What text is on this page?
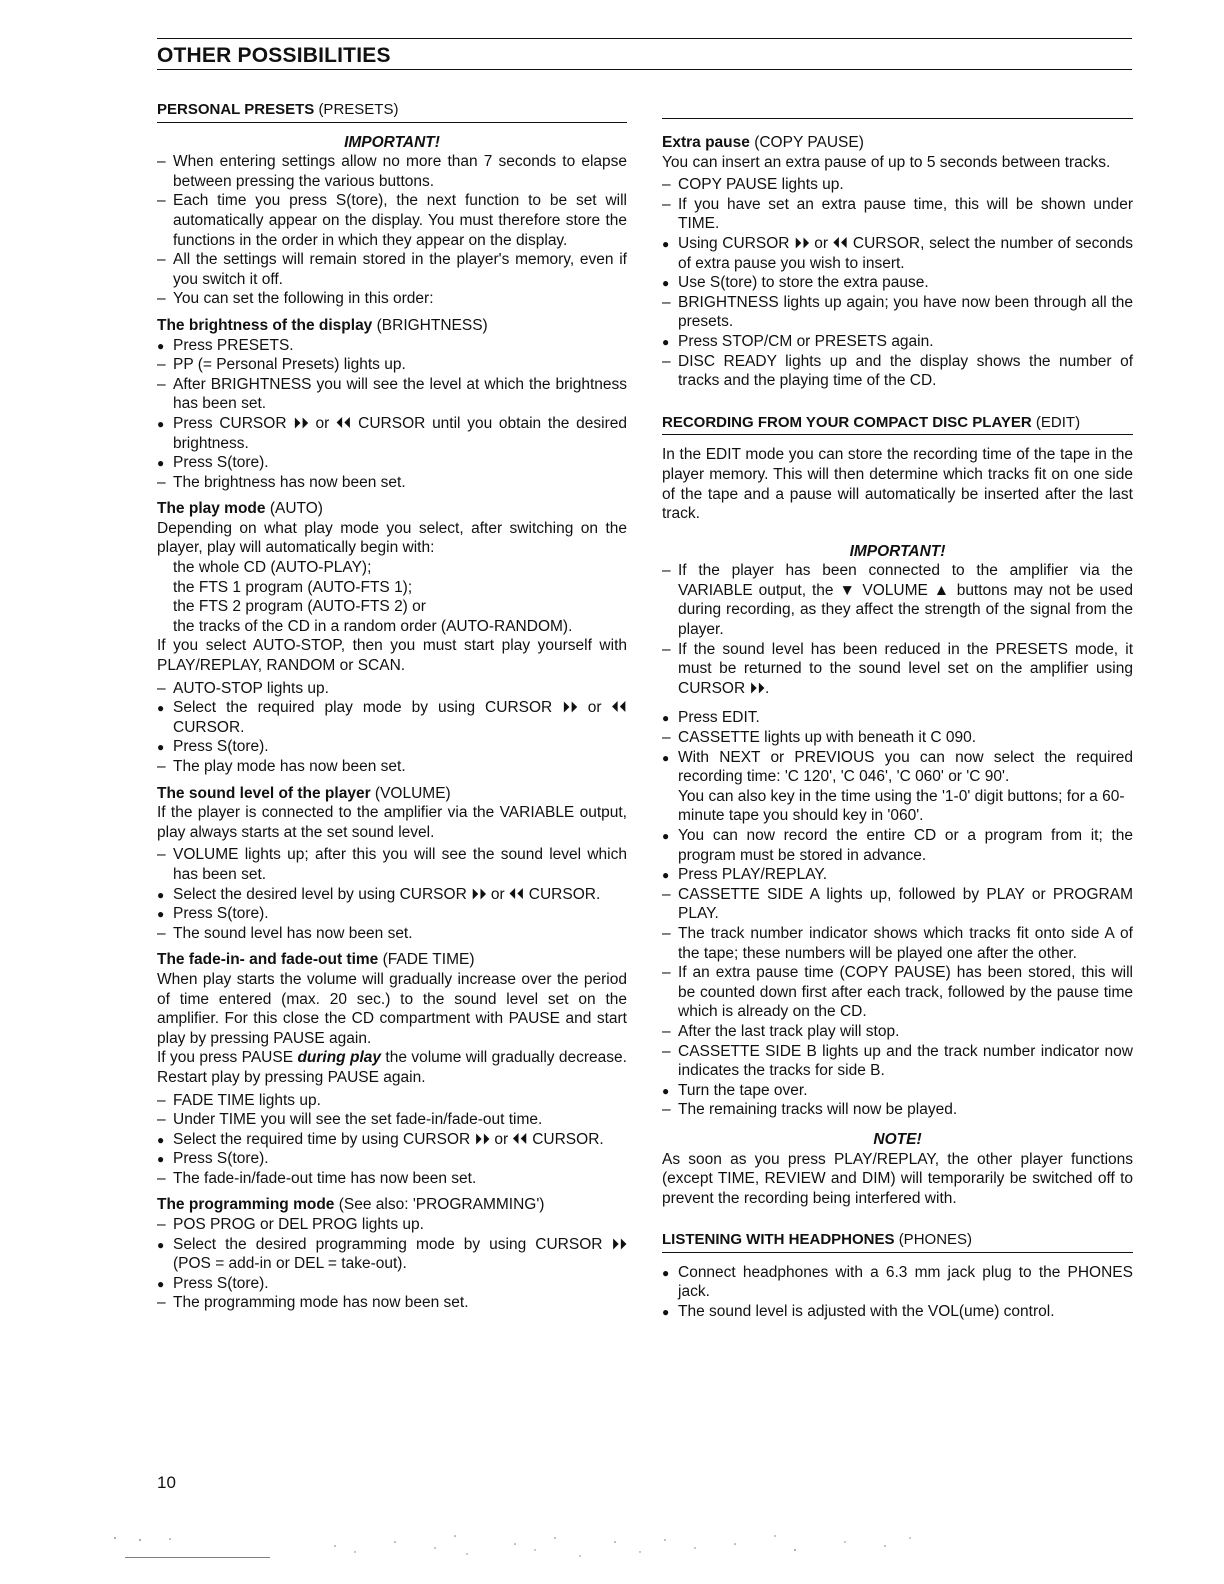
OTHER POSSIBILITIES
PERSONAL PRESETS (PRESETS)
IMPORTANT!
–
When entering settings allow no more than 7 seconds to elapse between pressing the various buttons.
–
Each time you press S(tore), the next function to be set will automatically appear on the display. You must therefore store the functions in the order in which they appear on the display.
–
All the settings will remain stored in the player's memory, even if you switch it off.
–
You can set the following in this order:
The brightness of the display (BRIGHTNESS)
●
Press PRESETS.
–
PP (= Personal Presets) lights up.
–
After BRIGHTNESS you will see the level at which the brightness has been set.
●
Press CURSOR ⏵⏵ or ⏴⏴ CURSOR until you obtain the desired brightness.
●
Press S(tore).
–
The brightness has now been set.
The play mode (AUTO)

Depending on what play mode you select, after switching on the player, play will automatically begin with:

the whole CD (AUTO-PLAY);
the FTS 1 program (AUTO-FTS 1);
the FTS 2 program (AUTO-FTS 2) or
the tracks of the CD in a random order (AUTO-RANDOM).

If you select AUTO-STOP, then you must start play yourself with PLAY/REPLAY, RANDOM or SCAN.

–
AUTO-STOP lights up.
●
Select the required play mode by using CURSOR ⏵⏵ or ⏴⏴ CURSOR.
●
Press S(tore).
–
The play mode has now been set.
The sound level of the player (VOLUME)

If the player is connected to the amplifier via the VARIABLE output, play always starts at the set sound level.

–
VOLUME lights up; after this you will see the sound level which has been set.
●
Select the desired level by using CURSOR ⏵⏵ or ⏴⏴ CURSOR.
●
Press S(tore).
–
The sound level has now been set.
The fade-in- and fade-out time (FADE TIME)

When play starts the volume will gradually increase over the period of time entered (max. 20 sec.) to the sound level set on the amplifier. For this close the CD compartment with PAUSE and start play by pressing PAUSE again.

If you press PAUSE during play the volume will gradually decrease. Restart play by pressing PAUSE again.

–
FADE TIME lights up.
–
Under TIME you will see the set fade-in/fade-out time.
●
Select the required time by using CURSOR ⏵⏵ or ⏴⏴ CURSOR.
●
Press S(tore).
–
The fade-in/fade-out time has now been set.
The programming mode (See also: 'PROGRAMMING')
–
POS PROG or DEL PROG lights up.
●
Select the desired programming mode by using CURSOR ⏵⏵ (POS = add-in or DEL = take-out).
●
Press S(tore).
–
The programming mode has now been set.
Extra pause (COPY PAUSE)

You can insert an extra pause of up to 5 seconds between tracks.

–
COPY PAUSE lights up.
–
If you have set an extra pause time, this will be shown under TIME.
●
Using CURSOR ⏵⏵ or ⏴⏴ CURSOR, select the number of seconds of extra pause you wish to insert.
●
Use S(tore) to store the extra pause.
–
BRIGHTNESS lights up again; you have now been through all the presets.
●
Press STOP/CM or PRESETS again.
–
DISC READY lights up and the display shows the number of tracks and the playing time of the CD.
RECORDING FROM YOUR COMPACT DISC PLAYER (EDIT)

In the EDIT mode you can store the recording time of the tape in the player memory. This will then determine which tracks fit on one side of the tape and a pause will automatically be inserted after the last track.

IMPORTANT!
–
If the player has been connected to the amplifier via the VARIABLE output, the ▼ VOLUME ▲ buttons may not be used during recording, as they affect the strength of the signal from the player.
–
If the sound level has been reduced in the PRESETS mode, it must be returned to the sound level set on the amplifier using CURSOR ⏵⏵.
●
Press EDIT.
–
CASSETTE lights up with beneath it C 090.
●
With NEXT or PREVIOUS you can now select the required recording time: 'C 120', 'C 046', 'C 060' or 'C 90'.
You can also key in the time using the '1-0' digit buttons; for a 60-minute tape you should key in '060'.
●
You can now record the entire CD or a program from it; the program must be stored in advance.
●
Press PLAY/REPLAY.
–
CASSETTE SIDE A lights up, followed by PLAY or PROGRAM PLAY.
–
The track number indicator shows which tracks fit onto side A of the tape; these numbers will be played one after the other.
–
If an extra pause time (COPY PAUSE) has been stored, this will be counted down first after each track, followed by the pause time which is already on the CD.
–
After the last track play will stop.
–
CASSETTE SIDE B lights up and the track number indicator now indicates the tracks for side B.
●
Turn the tape over.
–
The remaining tracks will now be played.
NOTE!

As soon as you press PLAY/REPLAY, the other player functions (except TIME, REVIEW and DIM) will temporarily be switched off to prevent the recording being interfered with.

LISTENING WITH HEADPHONES (PHONES)
●
Connect headphones with a 6.3 mm jack plug to the PHONES jack.
●
The sound level is adjusted with the VOL(ume) control.
10
